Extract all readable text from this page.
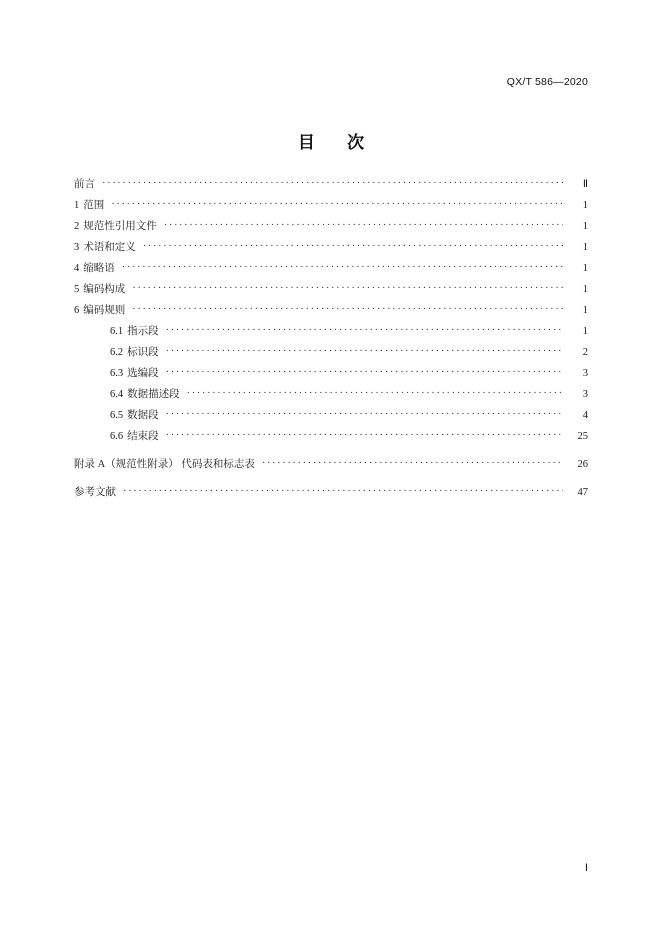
QX/T 586—2020
目 次
前言 ·····	Ⅱ
1 范围 ·····	1
2 规范性引用文件 ·····	1
3 术语和定义 ·····	1
4 缩略语 ·····	1
5 编码构成 ·····	1
6 编码规则 ·····	1
6.1 指示段 ·····	1
6.2 标识段 ·····	2
6.3 选编段 ·····	3
6.4 数据描述段 ·····	3
6.5 数据段 ·····	4
6.6 结束段 ·····	25
附录 A（规范性附录） 代码表和标志表 ·····	26
参考文献 ·····	47
Ⅰ
